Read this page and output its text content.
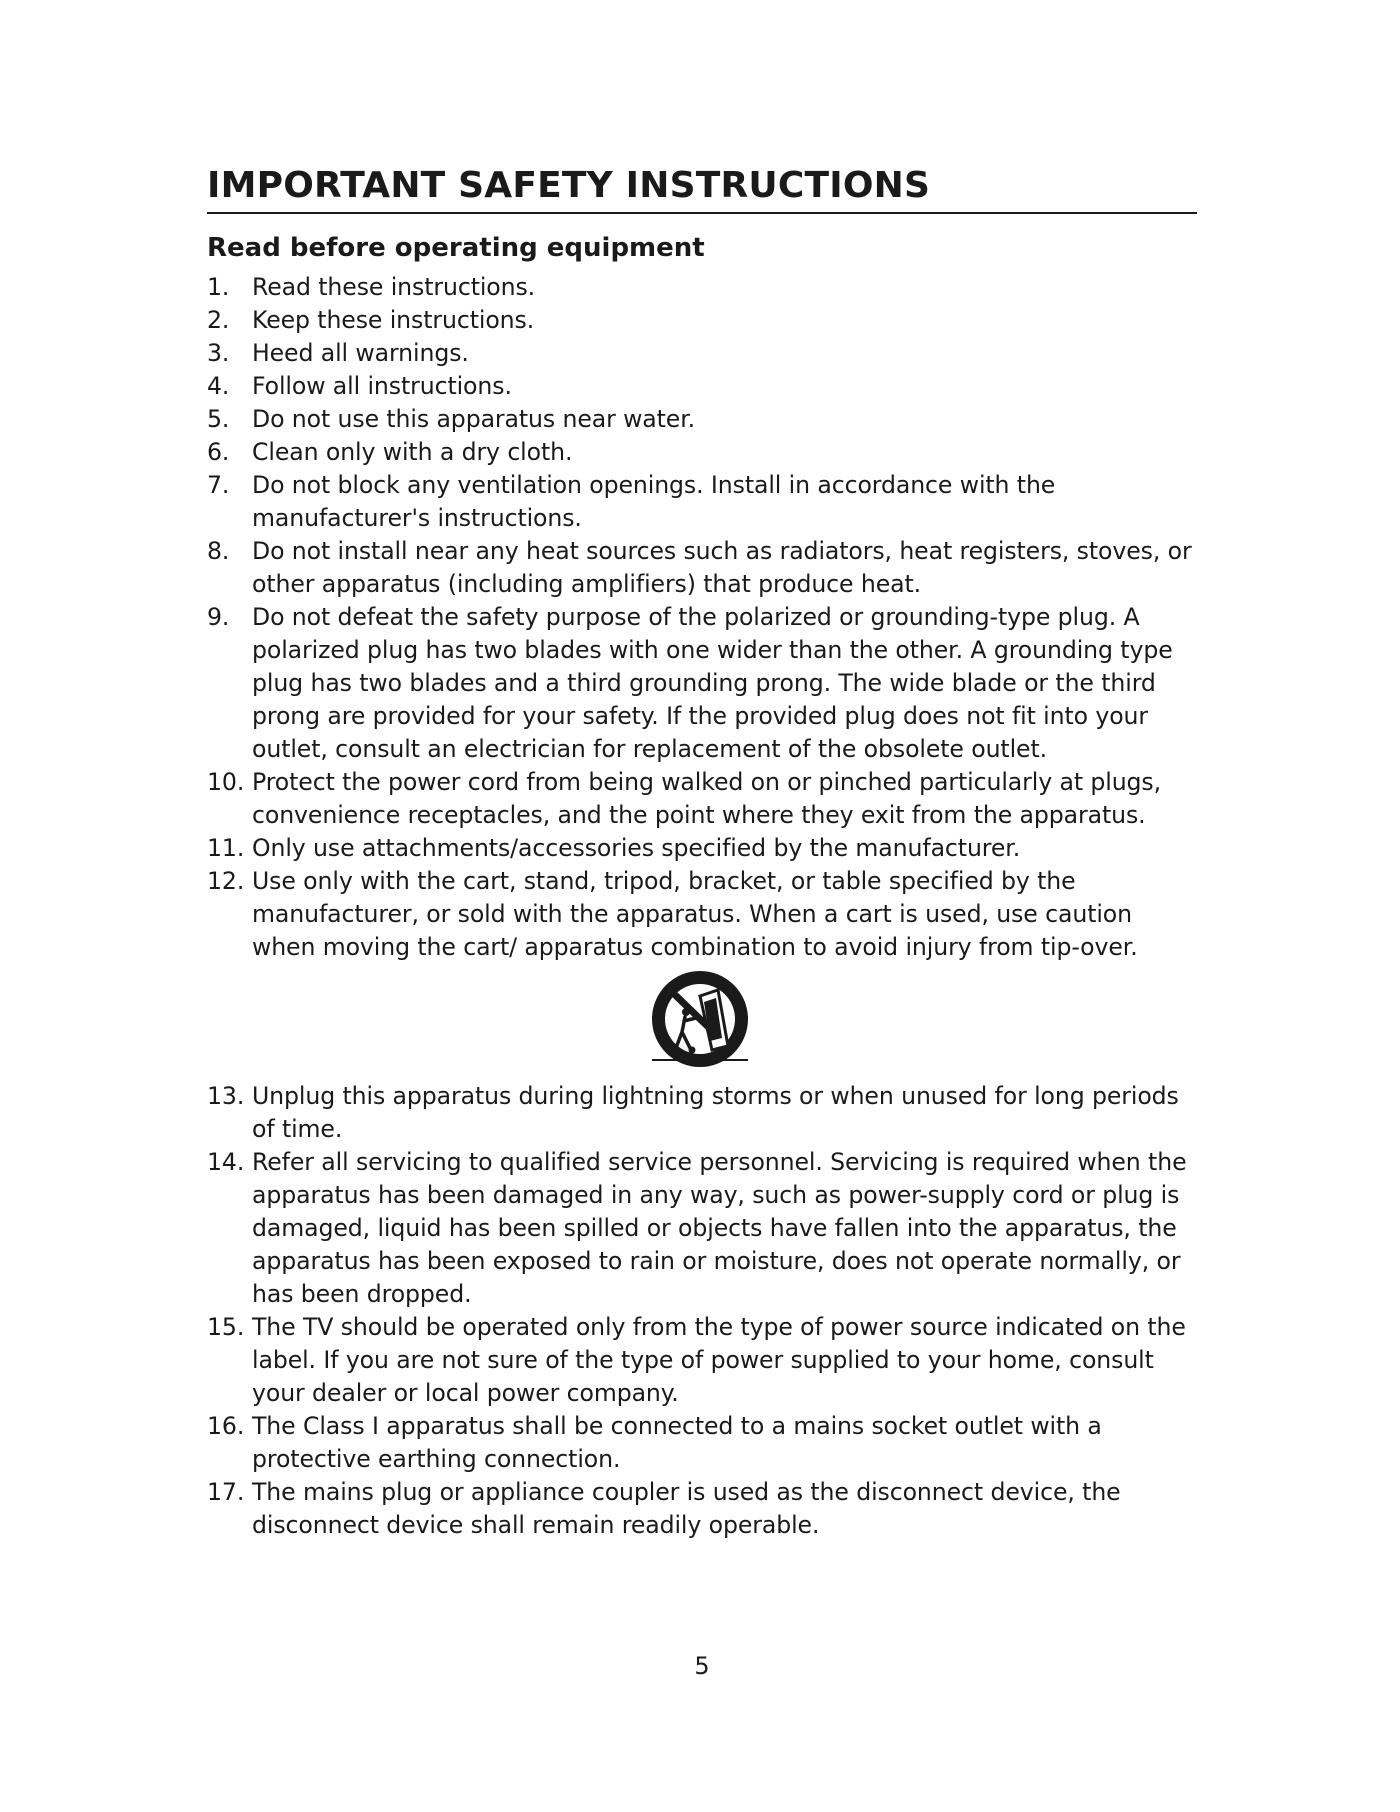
IMPORTANT SAFETY INSTRUCTIONS
Read before operating equipment
1. Read these instructions.
2. Keep these instructions.
3. Heed all warnings.
4. Follow all instructions.
5. Do not use this apparatus near water.
6. Clean only with a dry cloth.
7. Do not block any ventilation openings. Install in accordance with the manufacturer's instructions.
8. Do not install near any heat sources such as radiators, heat registers, stoves, or other apparatus (including amplifiers) that produce heat.
9. Do not defeat the safety purpose of the polarized or grounding-type plug. A polarized plug has two blades with one wider than the other. A grounding type plug has two blades and a third grounding prong. The wide blade or the third prong are provided for your safety. If the provided plug does not fit into your outlet, consult an electrician for replacement of the obsolete outlet.
10. Protect the power cord from being walked on or pinched particularly at plugs, convenience receptacles, and the point where they exit from the apparatus.
11. Only use attachments/accessories specified by the manufacturer.
12. Use only with the cart, stand, tripod, bracket, or table specified by the manufacturer, or sold with the apparatus. When a cart is used, use caution when moving the cart/ apparatus combination to avoid injury from tip-over.
13. Unplug this apparatus during lightning storms or when unused for long periods of time.
14. Refer all servicing to qualified service personnel. Servicing is required when the apparatus has been damaged in any way, such as power-supply cord or plug is damaged, liquid has been spilled or objects have fallen into the apparatus, the apparatus has been exposed to rain or moisture, does not operate normally, or has been dropped.
15. The TV should be operated only from the type of power source indicated on the label. If you are not sure of the type of power supplied to your home, consult your dealer or local power company.
16. The Class I apparatus shall be connected to a mains socket outlet with a protective earthing connection.
17. The mains plug or appliance coupler is used as the disconnect device, the disconnect device shall remain readily operable.
5
